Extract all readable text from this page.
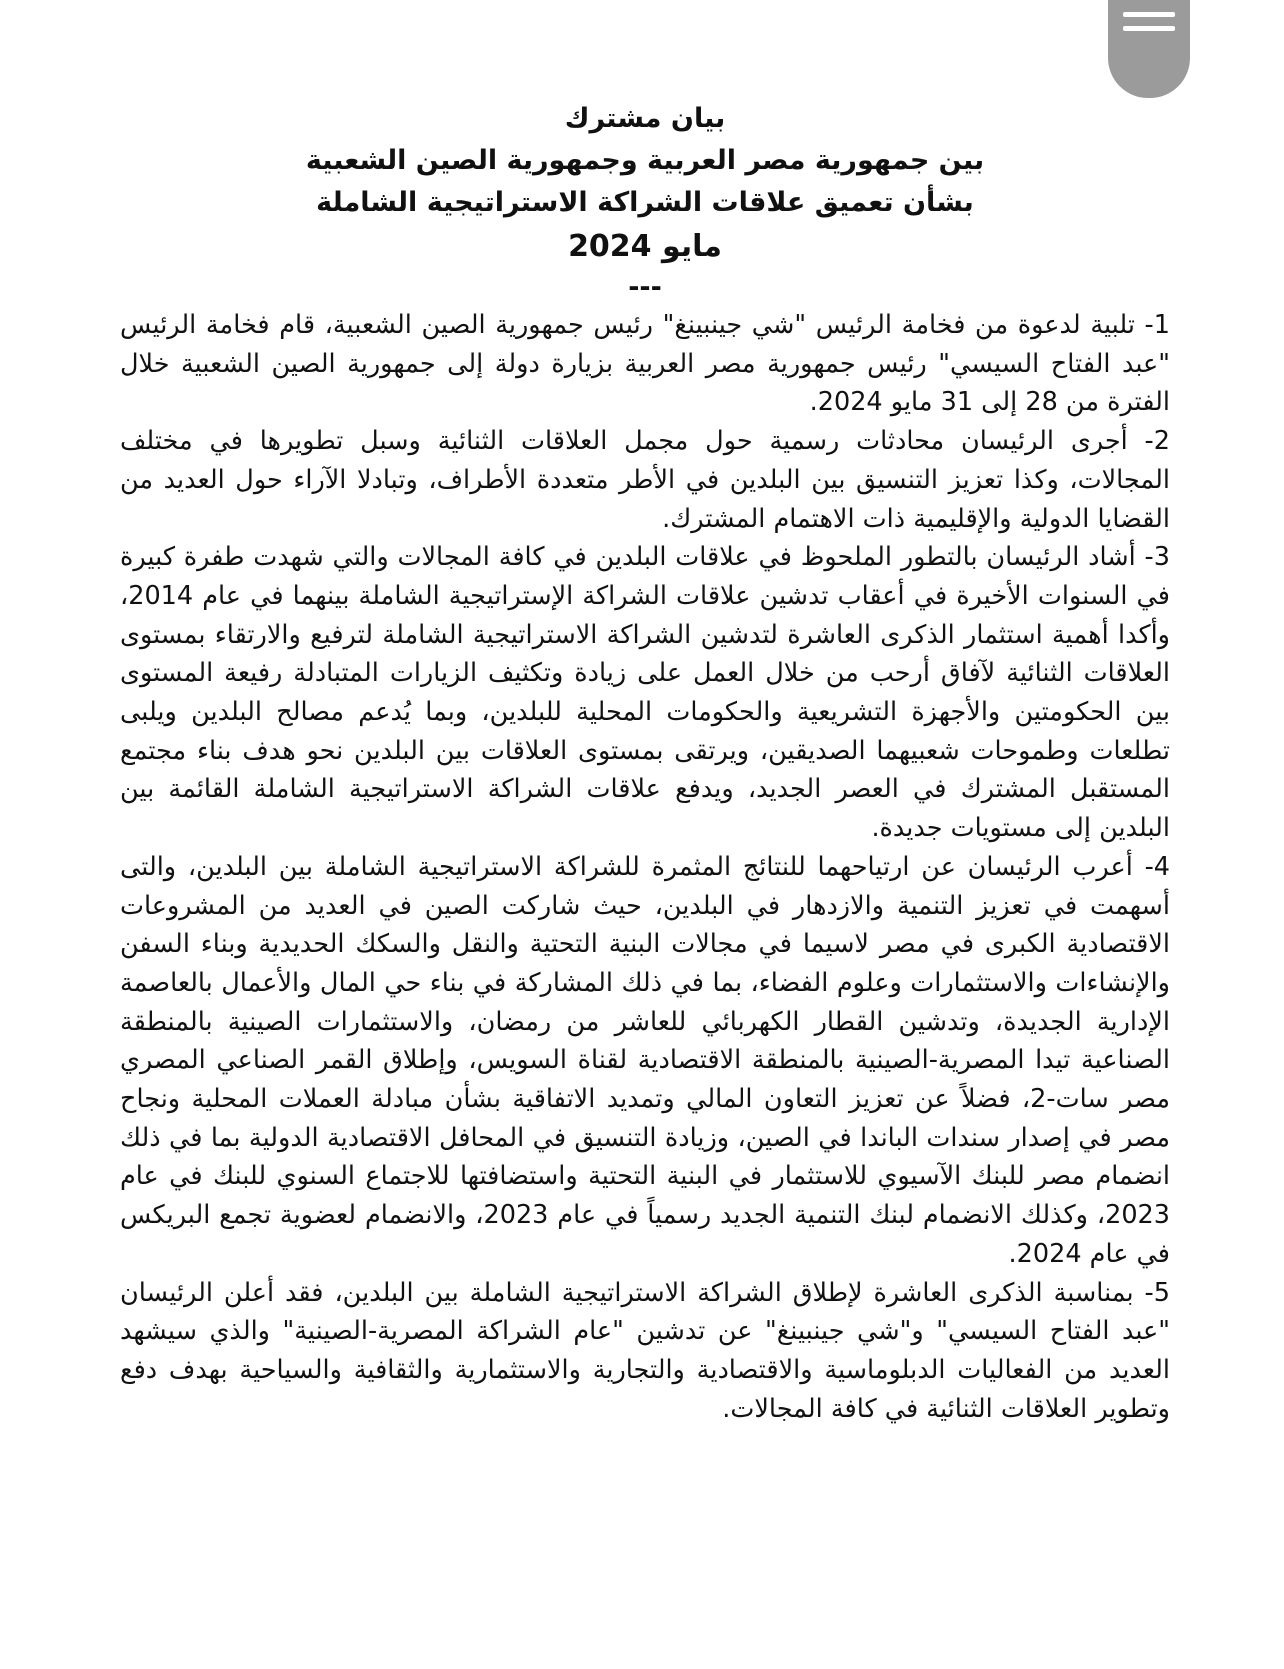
بيان مشترك
بين جمهورية مصر العربية وجمهورية الصين الشعبية
بشأن تعميق علاقات الشراكة الاستراتيجية الشاملة
مايو 2024
---

1- تلبية لدعوة من فخامة الرئيس "شي جينبينغ" رئيس جمهورية الصين الشعبية، قام فخامة الرئيس "عبد الفتاح السيسي" رئيس جمهورية مصر العربية بزيارة دولة إلى جمهورية الصين الشعبية خلال الفترة من 28 إلى 31 مايو 2024.

2- أجرى الرئيسان محادثات رسمية حول مجمل العلاقات الثنائية وسبل تطويرها في مختلف المجالات، وكذا تعزيز التنسيق بين البلدين في الأطر متعددة الأطراف، وتبادلا الآراء حول العديد من القضايا الدولية والإقليمية ذات الاهتمام المشترك.

3- أشاد الرئيسان بالتطور الملحوظ في علاقات البلدين في كافة المجالات والتي شهدت طفرة كبيرة في السنوات الأخيرة في أعقاب تدشين علاقات الشراكة الإستراتيجية الشاملة بينهما في عام 2014، وأكدا أهمية استثمار الذكرى العاشرة لتدشين الشراكة الاستراتيجية الشاملة لترفيع والارتقاء بمستوى العلاقات الثنائية لآفاق أرحب من خلال العمل على زيادة وتكثيف الزيارات المتبادلة رفيعة المستوى بين الحكومتين والأجهزة التشريعية والحكومات المحلية للبلدين، وبما يُدعم مصالح البلدين ويلبى تطلعات وطموحات شعبيهما الصديقين، ويرتقى بمستوى العلاقات بين البلدين نحو هدف بناء مجتمع المستقبل المشترك في العصر الجديد، ويدفع علاقات الشراكة الاستراتيجية الشاملة القائمة بين البلدين إلى مستويات جديدة.

4- أعرب الرئيسان عن ارتياحهما للنتائج المثمرة للشراكة الاستراتيجية الشاملة بين البلدين، والتى أسهمت في تعزيز التنمية والازدهار في البلدين، حيث شاركت الصين في العديد من المشروعات الاقتصادية الكبرى في مصر لاسيما في مجالات البنية التحتية والنقل والسكك الحديدية وبناء السفن والإنشاءات والاستثمارات وعلوم الفضاء، بما في ذلك المشاركة في بناء حي المال والأعمال بالعاصمة الإدارية الجديدة، وتدشين القطار الكهربائي للعاشر من رمضان، والاستثمارات الصينية بالمنطقة الصناعية تيدا المصرية-الصينية بالمنطقة الاقتصادية لقناة السويس، وإطلاق القمر الصناعي المصري مصر سات-2، فضلاً عن تعزيز التعاون المالي وتمديد الاتفاقية بشأن مبادلة العملات المحلية ونجاح مصر في إصدار سندات الباندا في الصين، وزيادة التنسيق في المحافل الاقتصادية الدولية بما في ذلك انضمام مصر للبنك الآسيوي للاستثمار في البنية التحتية واستضافتها للاجتماع السنوي للبنك في عام 2023، وكذلك الانضمام لبنك التنمية الجديد رسمياً في عام 2023، والانضمام لعضوية تجمع البريكس في عام 2024.

5- بمناسبة الذكرى العاشرة لإطلاق الشراكة الاستراتيجية الشاملة بين البلدين، فقد أعلن الرئيسان "عبد الفتاح السيسي" و"شي جينبينغ" عن تدشين "عام الشراكة المصرية-الصينية" والذي سيشهد العديد من الفعاليات الدبلوماسية والاقتصادية والتجارية والاستثمارية والثقافية والسياحية بهدف دفع وتطوير العلاقات الثنائية في كافة المجالات.
